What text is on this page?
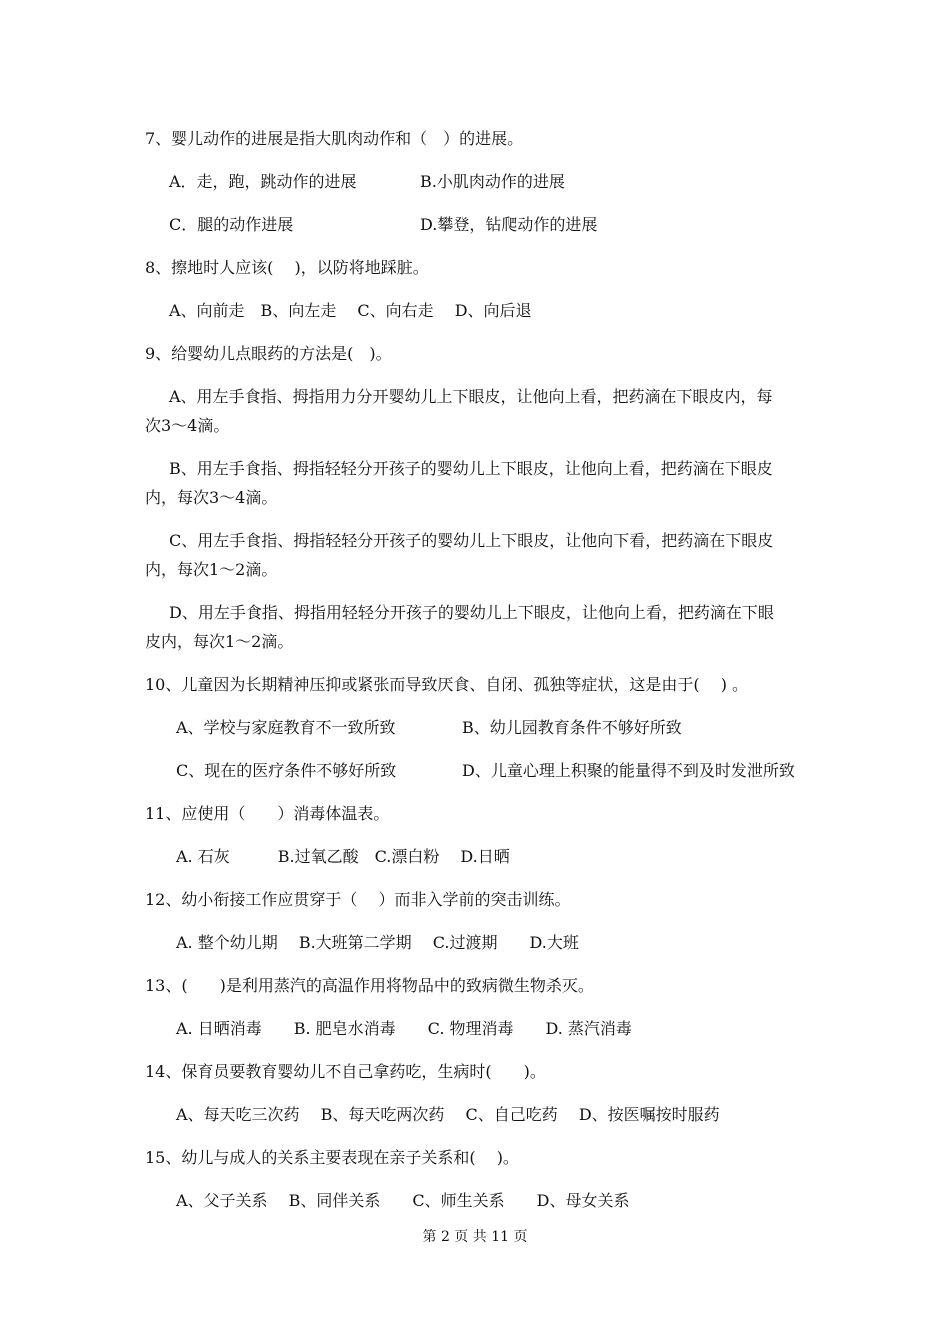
7、婴儿动作的进展是指大肌肉动作和（　）的进展。
A．走，跑，跳动作的进展	B.小肌肉动作的进展
C．腿的动作进展	D.攀登，钻爬动作的进展
8、擦地时人应该(　 )，以防将地踩脏。
A、向前走　B、向左走　 C、向右走　 D、向后退
9、给婴幼儿点眼药的方法是(　)。
A、用左手食指、拇指用力分开婴幼儿上下眼皮，让他向上看，把药滴在下眼皮内，每
次3～4滴。
B、用左手食指、拇指轻轻分开孩子的婴幼儿上下眼皮，让他向上看，把药滴在下眼皮
内，每次3～4滴。
C、用左手食指、拇指轻轻分开孩子的婴幼儿上下眼皮，让他向下看，把药滴在下眼皮
内，每次1～2滴。
D、用左手食指、拇指用轻轻分开孩子的婴幼儿上下眼皮，让他向上看，把药滴在下眼
皮内，每次1～2滴。
10、儿童因为长期精神压抑或紧张而导致厌食、自闭、孤独等症状，这是由于(　 ) 。
A、学校与家庭教育不一致所致	B、幼儿园教育条件不够好所致
C、现在的医疗条件不够好所致	D、儿童心理上积聚的能量得不到及时发泄所致
11、应使用（　　）消毒体温表。
A. 石灰　　　B.过氧乙酸　C.漂白粉　 D.日晒
12、幼小衔接工作应贯穿于（　 ）而非入学前的突击训练。
A. 整个幼儿期　 B.大班第二学期　 C.过渡期　　D.大班
13、(　　)是利用蒸汽的高温作用将物品中的致病微生物杀灭。
A. 日晒消毒　　B. 肥皂水消毒　　C. 物理消毒　　D. 蒸汽消毒
14、保育员要教育婴幼儿不自己拿药吃，生病时(　　)。
A、每天吃三次药　 B、每天吃两次药　 C、自己吃药　 D、按医嘱按时服药
15、幼儿与成人的关系主要表现在亲子关系和(　 )。
A、父子关系　 B、同伴关系　　C、师生关系　　D、母女关系
第 2 页 共 11 页
